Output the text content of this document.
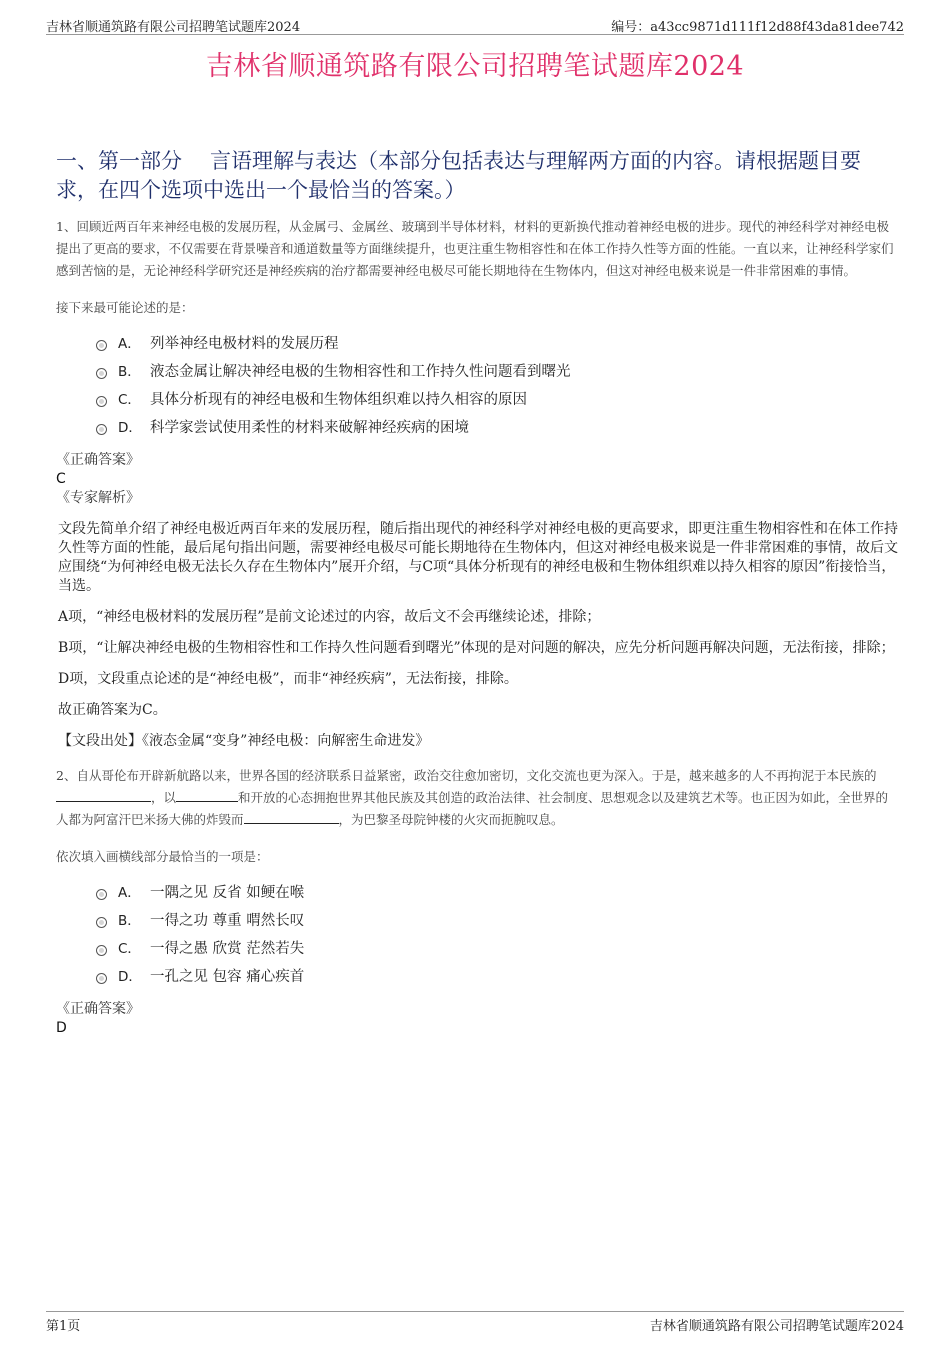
吉林省顺通筑路有限公司招聘笔试题库2024	编号：a43cc9871d111f12d88f43da81dee742
吉林省顺通筑路有限公司招聘笔试题库2024
一、第一部分 言语理解与表达（本部分包括表达与理解两方面的内容。请根据题目要求，在四个选项中选出一个最恰当的答案。）

1、回顾近两百年来神经电极的发展历程，从金属弓、金属丝、玻璃到半导体材料，材料的更新换代推动着神经电极的进步。现代的神经科学对神经电极提出了更高的要求，不仅需要在背景噪音和通道数量等方面继续提升，也更注重生物相容性和在体工作持久性等方面的性能。一直以来，让神经科学家们感到苦恼的是，无论神经科学研究还是神经疾病的治疗都需要神经电极尽可能长期地待在生物体内，但这对神经电极来说是一件非常困难的事情。

接下来最可能论述的是：

A． 列举神经电极材料的发展历程
B． 液态金属让解决神经电极的生物相容性和工作持久性问题看到曙光
C． 具体分析现有的神经电极和生物体组织难以持久相容的原因
D． 科学家尝试使用柔性的材料来破解神经疾病的困境

《正确答案》

C

《专家解析》

文段先简单介绍了神经电极近两百年来的发展历程，随后指出现代的神经科学对神经电极的更高要求，即更注重生物相容性和在体工作持久性等方面的性能，最后尾句指出问题，需要神经电极尽可能长期地待在生物体内，但这对神经电极来说是一件非常困难的事情，故后文应围绕“为何神经电极无法长久存在生物体内”展开介绍，与C项“具体分析现有的神经电极和生物体组织难以持久相容的原因”衔接恰当，当选。

A项，“神经电极材料的发展历程”是前文论述过的内容，故后文不会再继续论述，排除；

B项，“让解决神经电极的生物相容性和工作持久性问题看到曙光”体现的是对问题的解决，应先分析问题再解决问题，无法衔接，排除；

D项，文段重点论述的是“神经电极”，而非“神经疾病”，无法衔接，排除。

故正确答案为C。

【文段出处】《液态金属“变身”神经电极：向解密生命进发》

2、自从哥伦布开辟新航路以来，世界各国的经济联系日益紧密，政治交往愈加密切，文化交流也更为深入。于是，越来越多的人不再拘泥于本民族的，以	和开放的心态拥抱世界其他民族及其创造的政治法律、社会制度、思想观念以及建筑艺术等。也正因为如此，全世界的人都为阿富汗巴米扬大佛的炸毁而	，为巴黎圣母院钟楼的火灾而扼腕叹息。

依次填入画横线部分最恰当的一项是：

A． 一隅之见 反省 如鲠在喉
B． 一得之功 尊重 喟然长叹
C． 一得之愚 欣赏 茫然若失
D． 一孔之见 包容 痛心疾首

《正确答案》

D

第1页	吉林省顺通筑路有限公司招聘笔试题库2024
